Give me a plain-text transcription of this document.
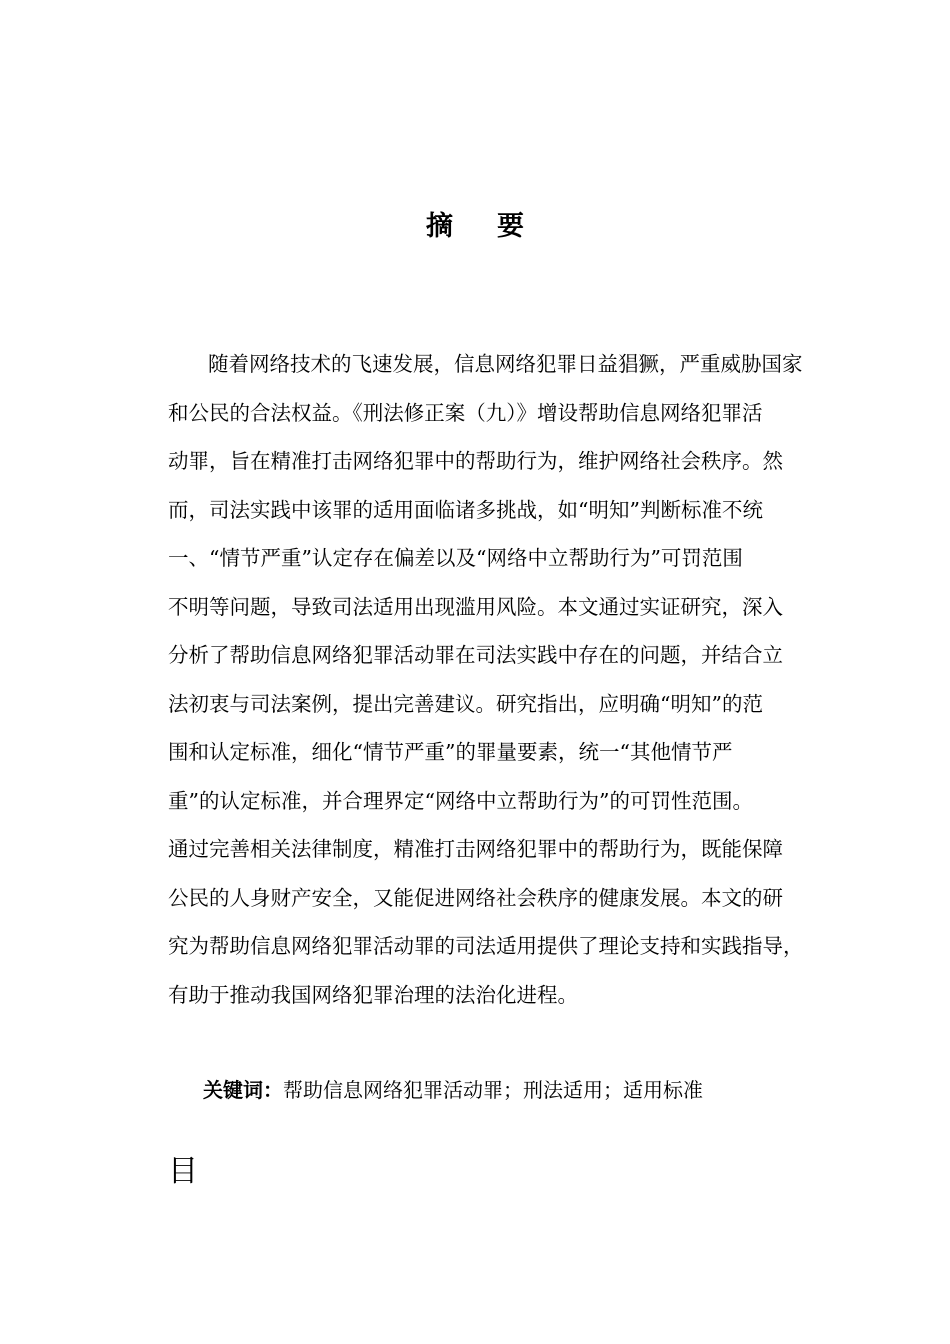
摘 要
随着网络技术的飞速发展，信息网络犯罪日益猖獗，严重威胁国家
和公民的合法权益。《刑法修正案（九）》增设帮助信息网络犯罪活
动罪，旨在精准打击网络犯罪中的帮助行为，维护网络社会秩序。然
而，司法实践中该罪的适用面临诸多挑战，如“明知”判断标准不统
一、“情节严重”认定存在偏差以及“网络中立帮助行为”可罚范围
不明等问题，导致司法适用出现滥用风险。本文通过实证研究，深入
分析了帮助信息网络犯罪活动罪在司法实践中存在的问题，并结合立
法初衷与司法案例，提出完善建议。研究指出，应明确“明知”的范
围和认定标准，细化“情节严重”的罪量要素，统一“其他情节严
重”的认定标准，并合理界定“网络中立帮助行为”的可罚性范围。
通过完善相关法律制度，精准打击网络犯罪中的帮助行为，既能保障
公民的人身财产安全，又能促进网络社会秩序的健康发展。本文的研
究为帮助信息网络犯罪活动罪的司法适用提供了理论支持和实践指导，
有助于推动我国网络犯罪治理的法治化进程。
关键词：帮助信息网络犯罪活动罪；刑法适用；适用标准
目
